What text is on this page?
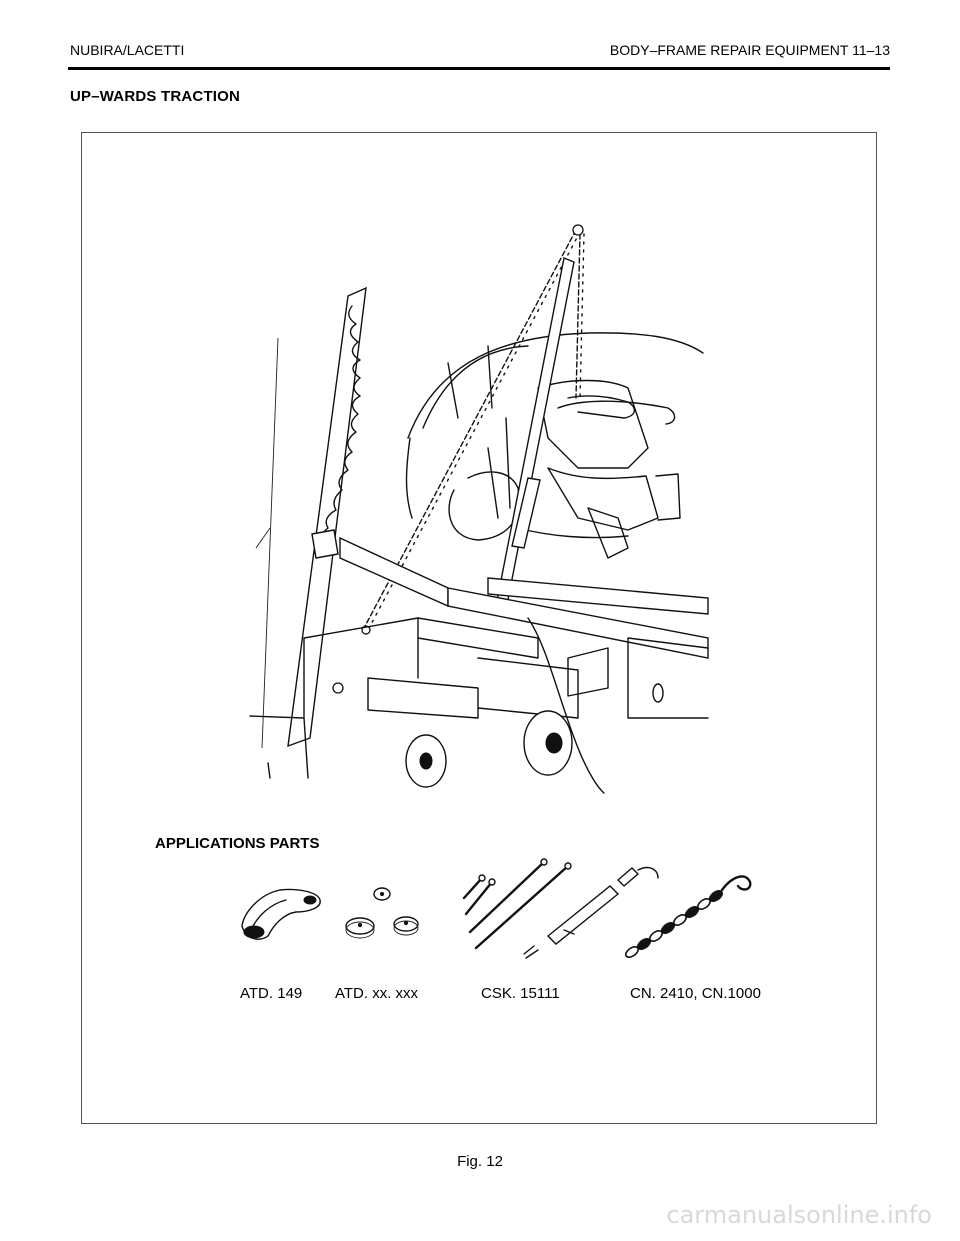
NUBIRA/LACETTI	BODY–FRAME REPAIR EQUIPMENT 11–13
UP–WARDS TRACTION
APPLICATIONS PARTS
ATD. 149 ATD. xx. xxx	CSK. 15111	CN. 2410, CN.1000
Fig. 12
carmanualsonline.info
